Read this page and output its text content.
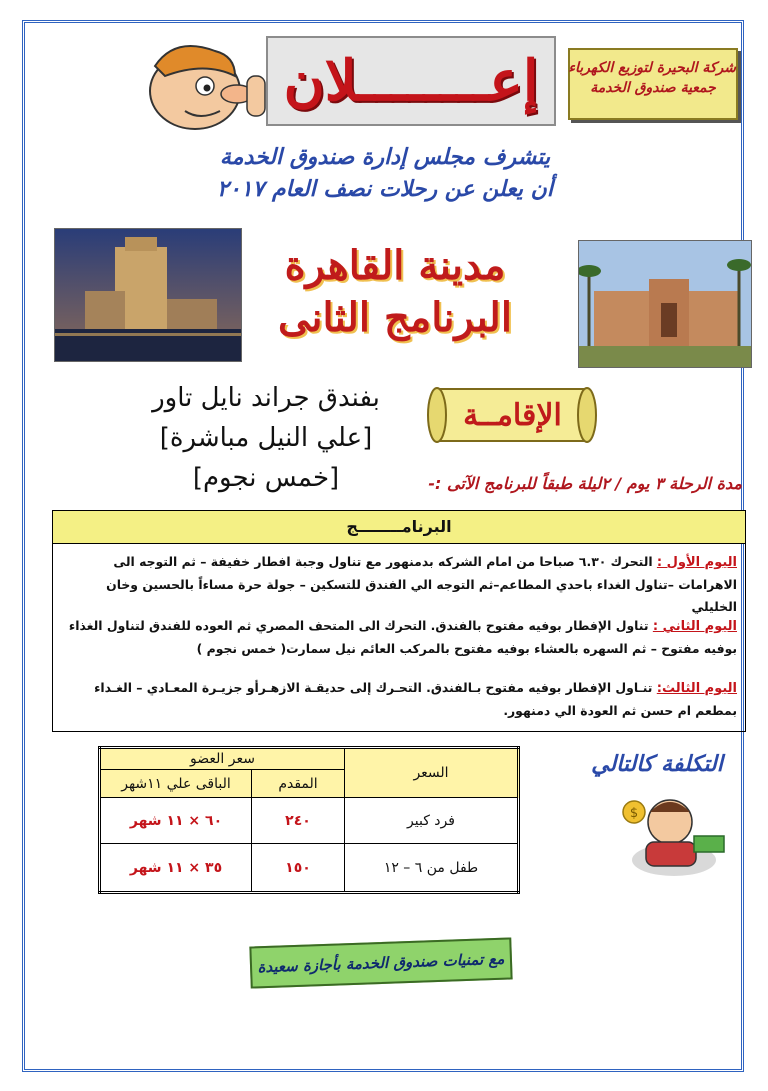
إعــــــــلان	شركة البحيرة لتوزيع الكهرباء
جمعية صندوق الخدمة
يتشرف مجلس إدارة صندوق الخدمة
أن يعلن عن رحلات نصف العام ٢٠١٧
مدينة القاهرة
البرنامج الثانى
الإقامــة
بفندق جراند نايل تاور
[علي النيل مباشرة]
[خمس نجوم]	مدة الرحلة ٣ يوم / ٢ليلة طبقاً للبرنامج الآتى :-
البرنامــــــــج
اليوم الأول : التحرك ٦.٣٠ صباحا من امام الشركه بدمنهور مع تناول وجبة افطار خفيفة – ثم التوجه الى الاهرامات –تناول الغداء باحدي المطاعم–ثم التوجه الي الفندق للتسكين – جولة حرة مساءاً بالحسين وخان الخليلي
اليوم الثاني : تناول الإفطار بوفيه مفتوح بالفندق. التحرك الى المتحف المصري ثم العوده للفندق لتناول الغذاء بوفيه مفتوح – ثم السهره بالعشاء بوفيه مفتوح بالمركب العائم نيل سمارت( خمس نجوم )
اليوم الثالث: تنـاول الإفطار بوفيه مفتوح بـالفندق. التحـرك إلى حديقـة الازهـرأو جزيـرة المعـادي – الغـداء بمطعم ام حسن ثم العودة الي دمنهور.
السعر	سعر العضو	
	المقدم	الباقى علي ١١شهر
فرد كبير	٢٤٠	٦٠ × ١١ شهر
طفل من ٦ – ١٢	١٥٠	٣٥ × ١١ شهر
التكلفة كالتالي
$
مع تمنيات صندوق الخدمة بأجازة سعيدة
